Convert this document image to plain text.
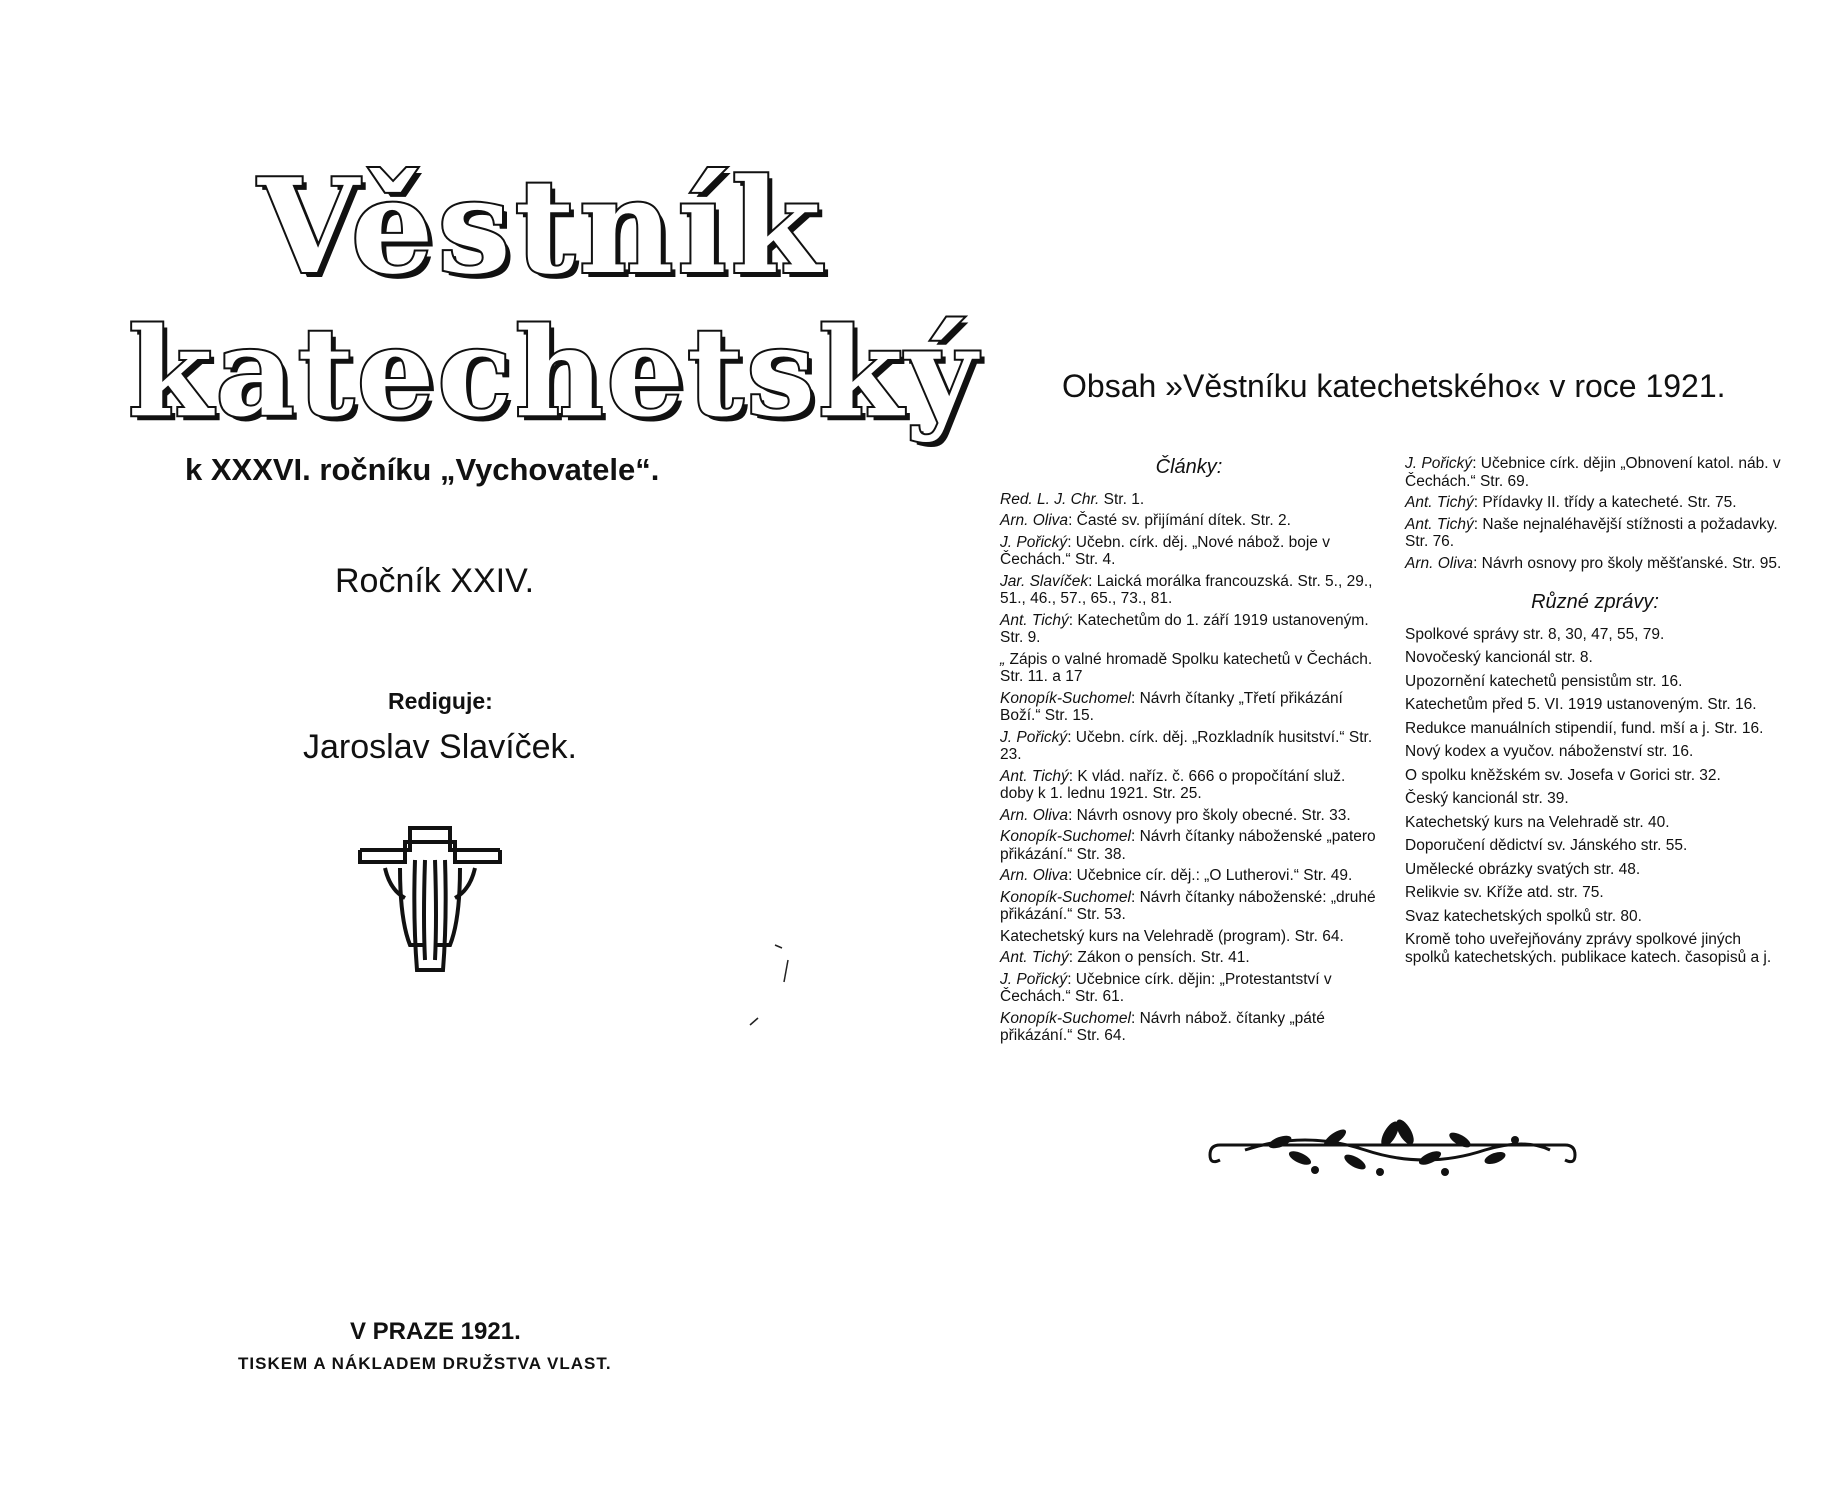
Věstník
katechetský
k XXXVI. ročníku „Vychovatele“.
Ročník XXIV.
Rediguje:
Jaroslav Slavíček.
V PRAZE 1921.
TISKEM A NÁKLADEM DRUŽSTVA VLAST.
Obsah »Věstníku katechetského« v roce 1921.
Články:
Red. L. J. Chr. Str. 1.
Arn. Oliva: Časté sv. přijímání dítek. Str. 2.
J. Pořický: Učebn. círk. děj. „Nové nábož. boje v Čechách.“ Str. 4.
Jar. Slavíček: Laická morálka francouzská. Str. 5., 29., 51., 46., 57., 65., 73., 81.
Ant. Tichý: Katechetům do 1. září 1919 ustanoveným. Str. 9.
„ Zápis o valné hromadě Spolku katechetů v Čechách. Str. 11. a 17
Konopík-Suchomel: Návrh čítanky „Třetí přikázání Boží.“ Str. 15.
J. Pořický: Učebn. círk. děj. „Rozkladník husitství.“ Str. 23.
Ant. Tichý: K vlád. naříz. č. 666 o propočítání služ. doby k 1. lednu 1921. Str. 25.
Arn. Oliva: Návrh osnovy pro školy obecné. Str. 33.
Konopík-Suchomel: Návrh čítanky náboženské „patero přikázání.“ Str. 38.
Arn. Oliva: Učebnice cír. děj.: „O Lutherovi.“ Str. 49.
Konopík-Suchomel: Návrh čítanky náboženské: „druhé přikázání.“ Str. 53.
Katechetský kurs na Velehradě (program). Str. 64.
Ant. Tichý: Zákon o pensích. Str. 41.
J. Pořický: Učebnice círk. dějin: „Protestantství v Čechách.“ Str. 61.
Konopík-Suchomel: Návrh nábož. čítanky „páté přikázání.“ Str. 64.
J. Pořický: Učebnice círk. dějin „Obnovení katol. náb. v Čechách.“ Str. 69.
Ant. Tichý: Přídavky II. třídy a katecheté. Str. 75.
Ant. Tichý: Naše nejnaléhavější stížnosti a požadavky. Str. 76.
Arn. Oliva: Návrh osnovy pro školy měšťanské. Str. 95.
Různé zprávy:
Spolkové správy str. 8, 30, 47, 55, 79.
Novočeský kancionál str. 8.
Upozornění katechetů pensistům str. 16.
Katechetům před 5. VI. 1919 ustanoveným. Str. 16.
Redukce manuálních stipendií, fund. mší a j. Str. 16.
Nový kodex a vyučov. náboženství str. 16.
O spolku kněžském sv. Josefa v Gorici str. 32.
Český kancionál str. 39.
Katechetský kurs na Velehradě str. 40.
Doporučení dědictví sv. Jánského str. 55.
Umělecké obrázky svatých str. 48.
Relikvie sv. Kříže atd. str. 75.
Svaz katechetských spolků str. 80.
Kromě toho uveřejňovány zprávy spolkové jiných spolků katechetských. publikace katech. časopisů a j.
